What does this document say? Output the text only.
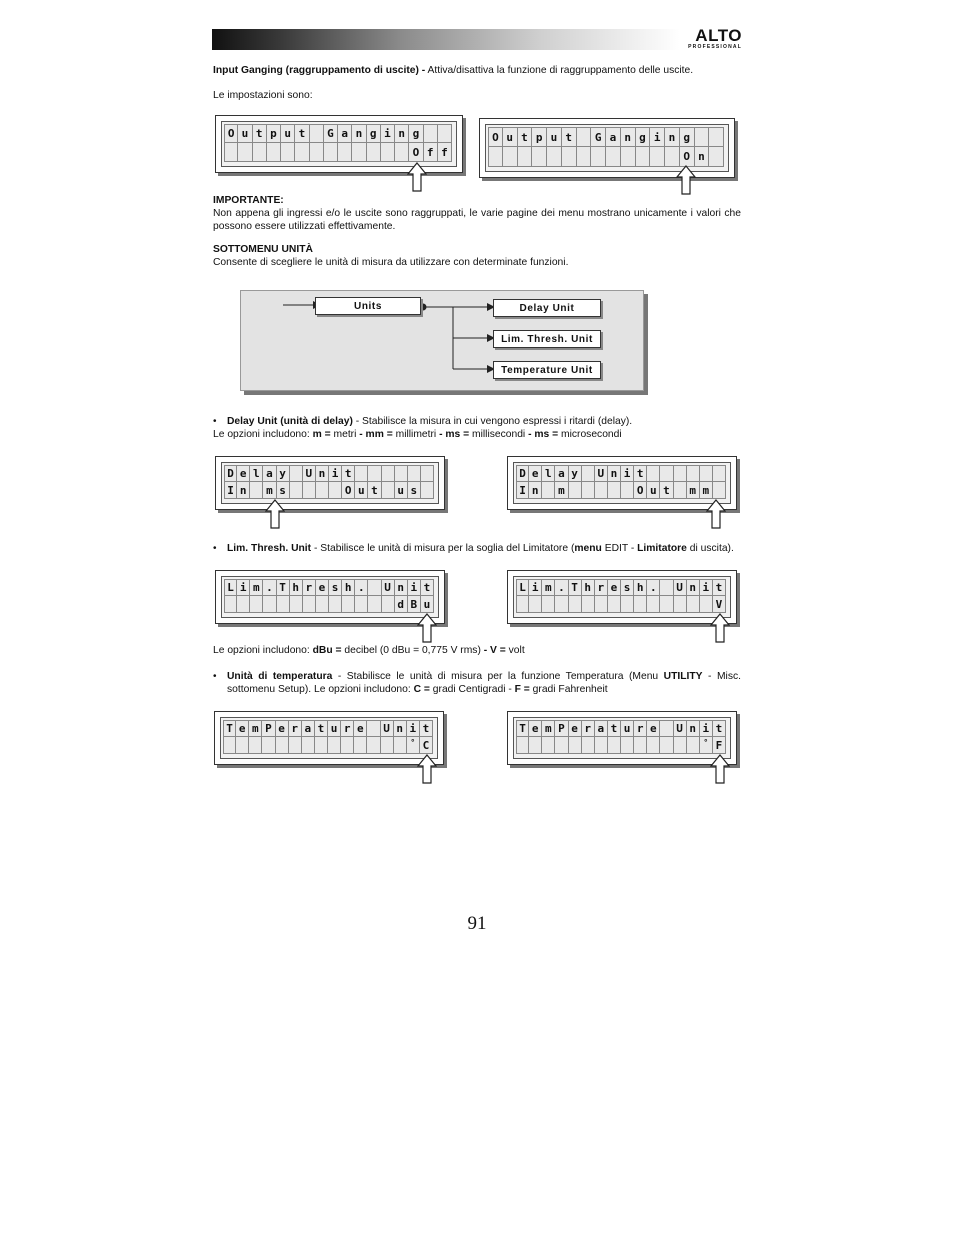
ALTO
PROFESSIONAL
Input Ganging (raggruppamento di uscite) - Attiva/disattiva la funzione di raggruppamento delle uscite.
Le impostazioni sono:
O u t p u t	G a n g i n g
O f f
O u t p u t	G a n g i n g
O n
IMPORTANTE:
Non appena gli ingressi e/o le uscite sono raggruppati, le varie pagine dei menu mostrano unicamente i valori che possono essere utilizzati effettivamente.
SOTTOMENU UNITÀ
Consente di scegliere le unità di misura da utilizzare con determinate funzioni.
Units	Delay Unit
Lim. Thresh. Unit
Temperature Unit
• Delay Unit (unità di delay) - Stabilisce la misura in cui vengono espressi i ritardi (delay).
Le opzioni includono: m = metri - mm = millimetri - ms = millisecondi - ms = microsecondi
D e l a y	U n i t
I n	m s	O u t	u s
D e l a y	U n i t
I n	m	O u t	m m
• Lim. Thresh. Unit - Stabilisce le unità di misura per la soglia del Limitatore (menu EDIT - Limitatore di uscita).
L i m . T h r e s h .	U n i t
d B u
L i m . T h r e s h .	U n i t
V
Le opzioni includono: dBu = decibel (0 dBu = 0,775 V rms) - V = volt
• Unità di temperatura - Stabilisce le unità di misura per la funzione Temperatura (Menu UTILITY - Misc. sottomenu Setup). Le opzioni includono: C = gradi Centigradi - F = gradi Fahrenheit
T e m P e r a t u r e	U n i t
° C
T e m P e r a t u r e	U n i t
° F
91
